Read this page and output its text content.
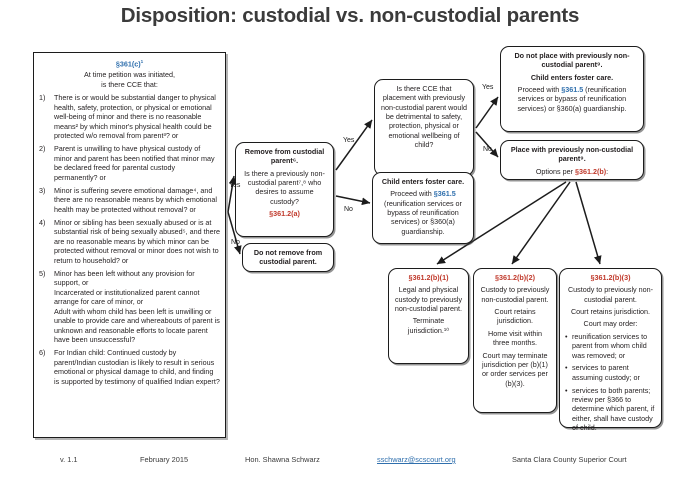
Disposition: custodial vs. non-custodial parents
$\S 361(c)^1$
At time petition was initiated,
is there CCE that:
1)	There is or would be substantial danger to physical health, safety, protection, or physical or emotional well-being of minor and there is no reasonable means² by which minor's physical health could be protected w/o removal from parent³? or

2)	Parent is unwilling to have physical custody of minor and parent has been notified that minor may be declared freed for parental custody permanently? or

3)	Minor is suffering severe emotional damage⁴, and there are no reasonable means by which emotional health may be protected without removal? or

4)	Minor or sibling has been sexually abused or is at substantial risk of being sexually abused⁵, and there are no reasonable means by which minor can be protected without removal or minor does not wish to return to household? or

5)	Minor has been left without any provision for support, or

Incarcerated or institutionalized parent cannot arrange for care of minor, or

Adult with whom child has been left is unwilling or unable to provide care and whereabouts of parent is unknown and reasonable efforts to locate parent have been unsuccessful?

6)	For Indian child: Continued custody by parent/Indian custodian is likely to result in serious emotional or physical damage to child, and finding is supported by testimony of qualified Indian expert?

Remove from custodial parent⁶.

Is there a previously non-custodial parent⁷,⁸ who desires to assume custody?

§361.2(a)

Do not remove from custodial parent.

Is there CCE that placement with previously non-custodial parent would be detrimental to safety, protection, physical or emotional wellbeing of child?

Child enters foster care.

Proceed with §361.5 (reunification services or bypass of reunification services) or §360(a) guardianship.

Do not place with previously non-custodial parent⁹.

Child enters foster care.

Proceed with §361.5 (reunification services or bypass of reunification services) or §360(a) guardianship.

Place with previously non-custodial parent⁹.

Options per §361.2(b):

§361.2(b)(1)

Legal and physical custody to previously non-custodial parent.

Terminate jurisdiction.¹⁰

§361.2(b)(2)

Custody to previously non-custodial parent.

Court retains jurisdiction.

Home visit within three months.

Court may terminate jurisdiction per (b)(1) or order services per (b)(3).

§361.2(b)(3)

Custody to previously non-custodial parent.

Court retains jurisdiction.

Court may order:

• reunification services to parent from whom child was removed; or
• services to parent assuming custody; or
• services to both parents; review per §366 to determine which parent, if either, shall have custody of child.
Yes
No
Yes
No
Yes
No
v. 1.1	February 2015	Hon. Shawna Schwarz	sschwarz@scscourt.org	Santa Clara County Superior Court
